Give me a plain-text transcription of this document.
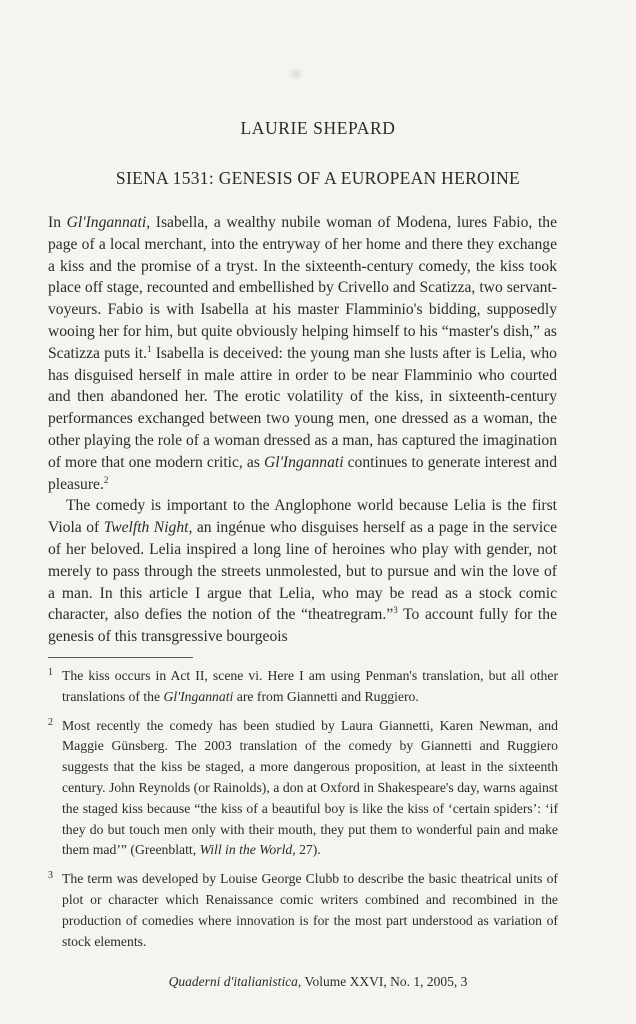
LAURIE SHEPARD
SIENA 1531: GENESIS OF A EUROPEAN HEROINE

In Gl'Ingannati, Isabella, a wealthy nubile woman of Modena, lures Fabio, the page of a local merchant, into the entryway of her home and there they exchange a kiss and the promise of a tryst. In the sixteenth-century comedy, the kiss took place off stage, recounted and embellished by Crivello and Scatizza, two servant-voyeurs. Fabio is with Isabella at his master Flamminio's bidding, supposedly wooing her for him, but quite obviously helping himself to his “master's dish,” as Scatizza puts it.$^1$ Isabella is deceived: the young man she lusts after is Lelia, who has disguised herself in male attire in order to be near Flamminio who courted and then abandoned her. The erotic volatility of the kiss, in sixteenth-century performances exchanged between two young men, one dressed as a woman, the other playing the role of a woman dressed as a man, has captured the imagination of more that one modern critic, as Gl'Ingannati continues to generate interest and pleasure.$^2$

The comedy is important to the Anglophone world because Lelia is the first Viola of Twelfth Night, an ingénue who disguises herself as a page in the service of her beloved. Lelia inspired a long line of heroines who play with gender, not merely to pass through the streets unmolested, but to pursue and win the love of a man. In this article I argue that Lelia, who may be read as a stock comic character, also defies the notion of the “theatregram.”$^3$ To account fully for the genesis of this transgressive bourgeois

1 The kiss occurs in Act II, scene vi. Here I am using Penman's translation, but all other translations of the Gl'Ingannati are from Giannetti and Ruggiero.
2 Most recently the comedy has been studied by Laura Giannetti, Karen Newman, and Maggie Günsberg. The 2003 translation of the comedy by Giannetti and Ruggiero suggests that the kiss be staged, a more dangerous proposition, at least in the sixteenth century. John Reynolds (or Rainolds), a don at Oxford in Shakespeare's day, warns against the staged kiss because “the kiss of a beautiful boy is like the kiss of ‘certain spiders’: ‘if they do but touch men only with their mouth, they put them to wonderful pain and make them mad’” (Greenblatt, Will in the World, 27).
3 The term was developed by Louise George Clubb to describe the basic theatrical units of plot or character which Renaissance comic writers combined and recombined in the production of comedies where innovation is for the most part understood as variation of stock elements.
Quaderni d'italianistica, Volume XXVI, No. 1, 2005, 3
